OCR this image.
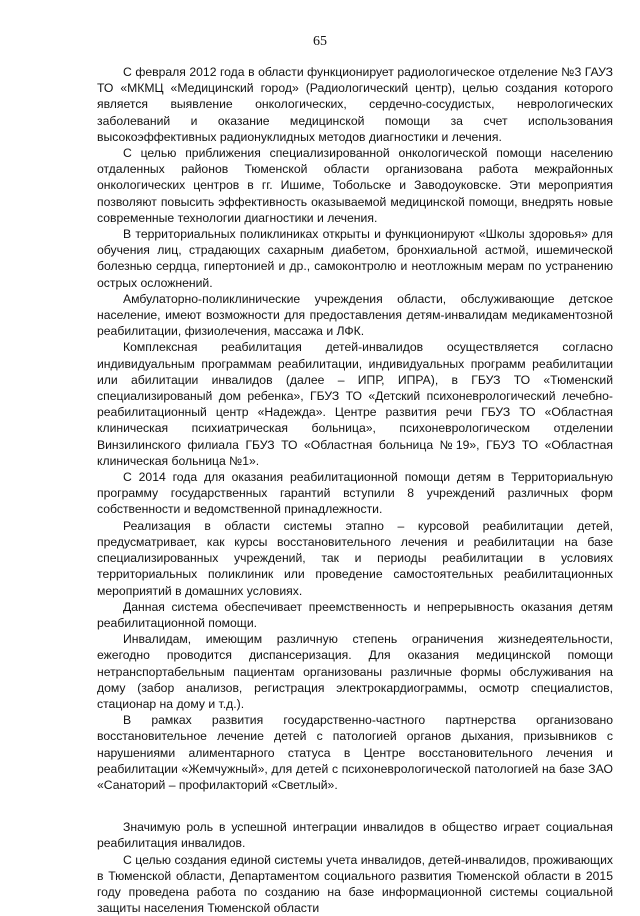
65

С февраля 2012 года в области функционирует радиологическое отделение №3 ГАУЗ ТО «МКМЦ «Медицинский город» (Радиологический центр), целью создания которого является выявление онкологических, сердечно-сосудистых, неврологических заболеваний и оказание медицинской помощи за счет использования высокоэффективных радионуклидных методов диагностики и лечения.

С целью приближения специализированной онкологической помощи населению отдаленных районов Тюменской области организована работа межрайонных онкологических центров в гг. Ишиме, Тобольске и Заводоуковске. Эти мероприятия позволяют повысить эффективность оказываемой медицинской помощи, внедрять новые современные технологии диагностики и лечения.

В территориальных поликлиниках открыты и функционируют «Школы здоровья» для обучения лиц, страдающих сахарным диабетом, бронхиальной астмой, ишемической болезнью сердца, гипертонией и др., самоконтролю и неотложным мерам по устранению острых осложнений.

Амбулаторно-поликлинические учреждения области, обслуживающие детское население, имеют возможности для предоставления детям-инвалидам медикаментозной реабилитации, физиолечения, массажа и ЛФК.

Комплексная реабилитация детей-инвалидов осуществляется согласно индивидуальным программам реабилитации, индивидуальных программ реабилитации или абилитации инвалидов (далее – ИПР, ИПРА), в ГБУЗ ТО «Тюменский специализированый дом ребенка», ГБУЗ ТО «Детский психоневрологический лечебно-реабилитационный центр «Надежда». Центре развития речи ГБУЗ ТО «Областная клиническая психиатрическая больница», психоневрологическом отделении Винзилинского филиала ГБУЗ ТО «Областная больница №19», ГБУЗ ТО «Областная клиническая больница №1».

С 2014 года для оказания реабилитационной помощи детям в Территориальную программу государственных гарантий вступили 8 учреждений различных форм собственности и ведомственной принадлежности.

Реализация в области системы этапно – курсовой реабилитации детей, предусматривает, как курсы восстановительного лечения и реабилитации на базе специализированных учреждений, так и периоды реабилитации в условиях территориальных поликлиник или проведение самостоятельных реабилитационных мероприятий в домашних условиях.

Данная система обеспечивает преемственность и непрерывность оказания детям реабилитационной помощи.

Инвалидам, имеющим различную степень ограничения жизнедеятельности, ежегодно проводится диспансеризация. Для оказания медицинской помощи нетранспортабельным пациентам организованы различные формы обслуживания на дому (забор анализов, регистрация электрокардиограммы, осмотр специалистов, стационар на дому и т.д.).

В рамках развития государственно-частного партнерства организовано восстановительное лечение детей с патологией органов дыхания, призывников с нарушениями алиментарного статуса в Центре восстановительного лечения и реабилитации «Жемчужный», для детей с психоневрологической патологией на базе ЗАО «Санаторий – профилакторий «Светлый».

Значимую роль в успешной интеграции инвалидов в общество играет социальная реабилитация инвалидов.

С целью создания единой системы учета инвалидов, детей-инвалидов, проживающих в Тюменской области, Департаментом социального развития Тюменской области в 2015 году проведена работа по созданию на базе информационной системы социальной защиты населения Тюменской области
